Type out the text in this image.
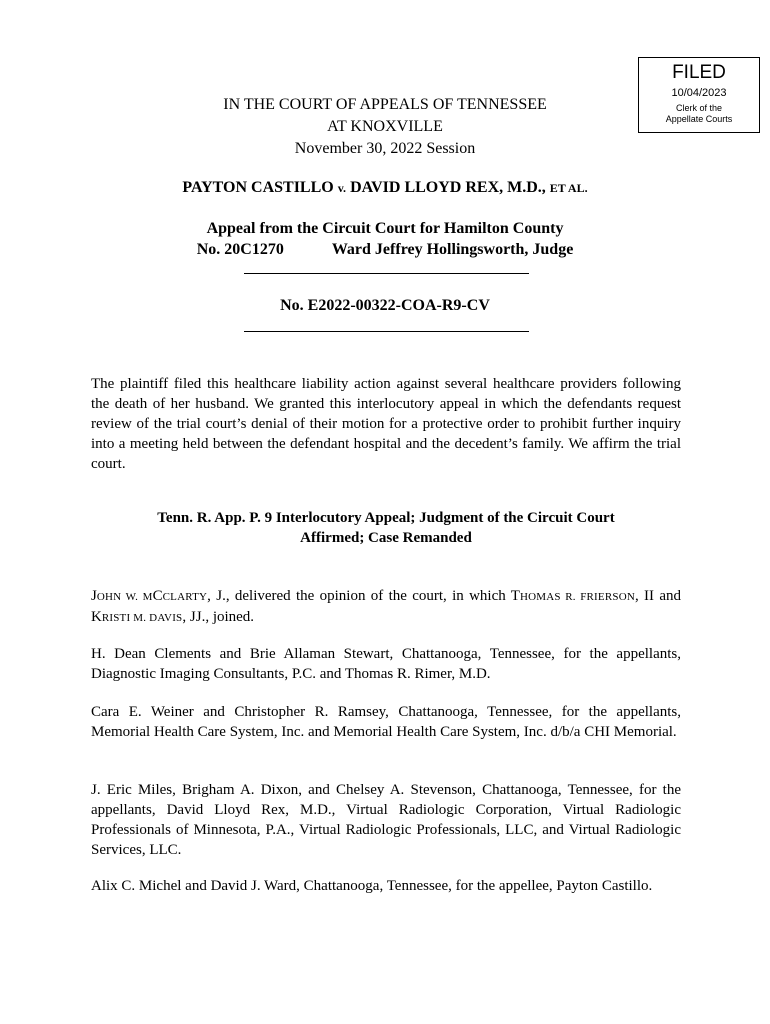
FILED
10/04/2023
Clerk of the
Appellate Courts
IN THE COURT OF APPEALS OF TENNESSEE
AT KNOXVILLE
November 30, 2022 Session
PAYTON CASTILLO v. DAVID LLOYD REX, M.D., ET AL.
Appeal from the Circuit Court for Hamilton County
No. 20C1270	Ward Jeffrey Hollingsworth, Judge
No. E2022-00322-COA-R9-CV

The plaintiff filed this healthcare liability action against several healthcare providers following the death of her husband. We granted this interlocutory appeal in which the defendants request review of the trial court’s denial of their motion for a protective order to prohibit further inquiry into a meeting held between the defendant hospital and the decedent’s family. We affirm the trial court.

Tenn. R. App. P. 9 Interlocutory Appeal; Judgment of the Circuit Court
Affirmed; Case Remanded

JOHN W. MCCLARTY, J., delivered the opinion of the court, in which THOMAS R. FRIERSON, II and KRISTI M. DAVIS, JJ., joined.

H. Dean Clements and Brie Allaman Stewart, Chattanooga, Tennessee, for the appellants, Diagnostic Imaging Consultants, P.C. and Thomas R. Rimer, M.D.

Cara E. Weiner and Christopher R. Ramsey, Chattanooga, Tennessee, for the appellants, Memorial Health Care System, Inc. and Memorial Health Care System, Inc. d/b/a CHI Memorial.

J. Eric Miles, Brigham A. Dixon, and Chelsey A. Stevenson, Chattanooga, Tennessee, for the appellants, David Lloyd Rex, M.D., Virtual Radiologic Corporation, Virtual Radiologic Professionals of Minnesota, P.A., Virtual Radiologic Professionals, LLC, and Virtual Radiologic Services, LLC.

Alix C. Michel and David J. Ward, Chattanooga, Tennessee, for the appellee, Payton Castillo.
